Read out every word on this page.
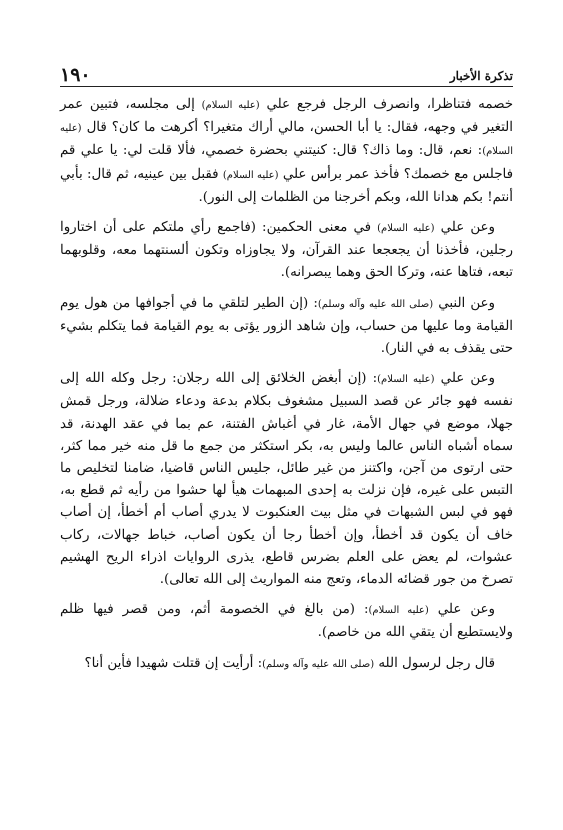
١٩٠	تذكرة الأخبار

خصمه فتناظرا، وانصرف الرجل فرجع علي (عليه السلام) إلى مجلسه، فتبين عمر التغير في وجهه، فقال: يا أبا الحسن، مالي أراك متغيرا؟ أكرهت ما كان؟ قال (عليه السلام): نعم، قال: وما ذاك؟ قال: كنيتني بحضرة خصمي، فألا قلت لي: يا علي قم فاجلس مع خصمك؟ فأخذ عمر برأس علي (عليه السلام) فقبل بين عينيه، ثم قال: بأبي أنتم! بكم هدانا الله، وبكم أخرجنا من الظلمات إلى النور).

وعن علي (عليه السلام) في معنى الحكمين: (فاجمع رأي ملتكم على أن اختاروا رجلين، فأخذنا أن يجعجعا عند القرآن، ولا يجاوزاه وتكون ألسنتهما معه، وقلوبهما تبعه، فتاها عنه، وتركا الحق وهما يبصرانه).

وعن النبي (صلى الله عليه وآله وسلم): (إن الطير لتلقي ما في أجوافها من هول يوم القيامة وما عليها من حساب، وإن شاهد الزور يؤتى به يوم القيامة فما يتكلم بشيء حتى يقذف به في النار).

وعن علي (عليه السلام): (إن أبغض الخلائق إلى الله رجلان: رجل وكله الله إلى نفسه فهو جائر عن قصد السبيل مشغوف بكلام بدعة ودعاء ضلالة، ورجل قمش جهلا، موضع في جهال الأمة، غار في أغباش الفتنة، عم بما في عقد الهدنة، قد سماه أشباه الناس عالما وليس به، بكر استكثر من جمع ما قل منه خير مما كثر، حتى ارتوى من آجن، واكتنز من غير طائل، جليس الناس قاضيا، ضامنا لتخليص ما التبس على غيره، فإن نزلت به إحدى المبهمات هيأ لها حشوا من رأيه ثم قطع به، فهو في لبس الشبهات في مثل بيت العنكبوت لا يدري أصاب أم أخطأ، إن أصاب خاف أن يكون قد أخطأ، وإن أخطأ رجا أن يكون أصاب، خباط جهالات، ركاب عشوات، لم يعض على العلم بضرس قاطع، يذرى الروايات اذراء الريح الهشيم تصرخ من جور قضائه الدماء، وتعج منه المواريث إلى الله تعالى).

وعن علي (عليه السلام): (من بالغ في الخصومة أثم، ومن قصر فيها ظلم ولايستطيع أن يتقي الله من خاصم).

قال رجل لرسول الله (صلى الله عليه وآله وسلم): أرأيت إن قتلت شهيدا فأين أنا؟
